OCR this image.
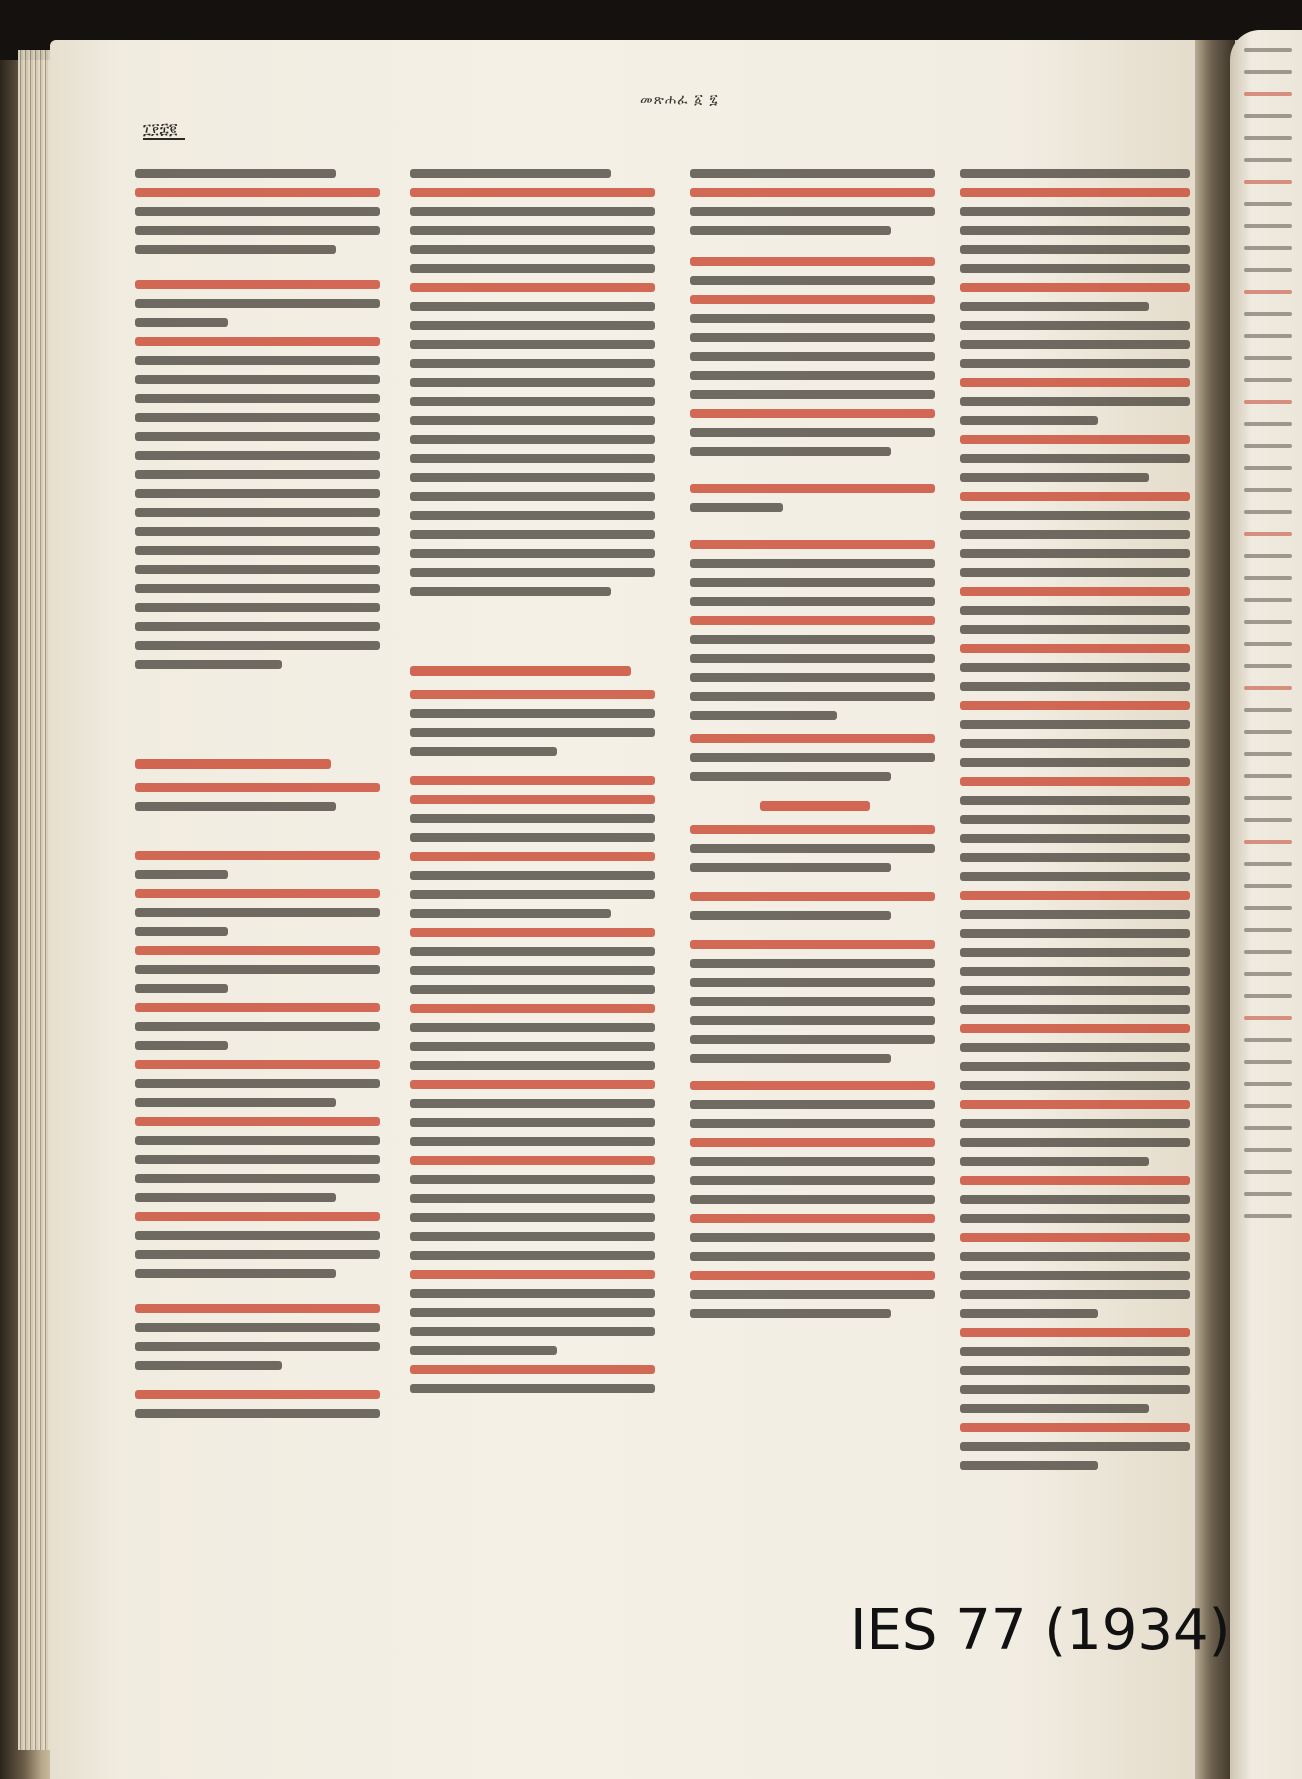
መጽሐፈ ፩ ፯
፲፻፰፪
IES 77 (1934)
